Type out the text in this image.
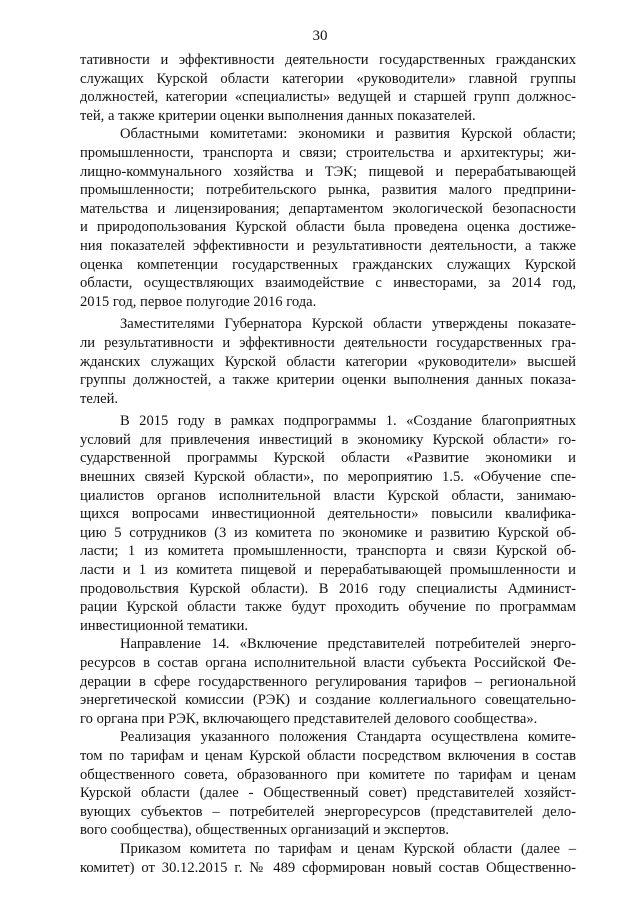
30
тативности и эффективности деятельности государственных гражданских
служащих Курской области категории «руководители» главной группы
должностей, категории «специалисты» ведущей и старшей групп должнос-
тей, а также критерии оценки выполнения данных показателей.
Областными комитетами: экономики и развития Курской области;
промышленности, транспорта и связи; строительства и архитектуры; жи-
лищно-коммунального хозяйства и ТЭК; пищевой и перерабатывающей
промышленности; потребительского рынка, развития малого предприни-
мательства и лицензирования; департаментом экологической безопасности
и природопользования Курской области была проведена оценка достиже-
ния показателей эффективности и результативности деятельности, а также
оценка компетенции государственных гражданских служащих Курской
области, осуществляющих взаимодействие с инвесторами, за 2014 год,
2015 год, первое полугодие 2016 года.
Заместителями Губернатора Курской области утверждены показате-
ли результативности и эффективности деятельности государственных гра-
жданских служащих Курской области категории «руководители» высшей
группы должностей, а также критерии оценки выполнения данных показа-
телей.
В 2015 году в рамках подпрограммы 1. «Создание благоприятных
условий для привлечения инвестиций в экономику Курской области» го-
сударственной программы Курской области «Развитие экономики и
внешних связей Курской области», по мероприятию 1.5. «Обучение спе-
циалистов органов исполнительной власти Курской области, занимаю-
щихся вопросами инвестиционной деятельности» повысили квалифика-
цию 5 сотрудников (3 из комитета по экономике и развитию Курской об-
ласти; 1 из комитета промышленности, транспорта и связи Курской об-
ласти и 1 из комитета пищевой и перерабатывающей промышленности и
продовольствия Курской области). В 2016 году специалисты Админист-
рации Курской области также будут проходить обучение по программам
инвестиционной тематики.
Направление 14. «Включение представителей потребителей энерго-
ресурсов в состав органа исполнительной власти субъекта Российской Фе-
дерации в сфере государственного регулирования тарифов – региональной
энергетической комиссии (РЭК) и создание коллегиального совещательно-
го органа при РЭК, включающего представителей делового сообщества».
Реализация указанного положения Стандарта осуществлена комите-
том по тарифам и ценам Курской области посредством включения в состав
общественного совета, образованного при комитете по тарифам и ценам
Курской области (далее - Общественный совет) представителей хозяйст-
вующих субъектов – потребителей энергоресурсов (представителей дело-
вого сообщества), общественных организаций и экспертов.
Приказом комитета по тарифам и ценам Курской области (далее –
комитет) от 30.12.2015 г. № 489 сформирован новый состав Общественно-
